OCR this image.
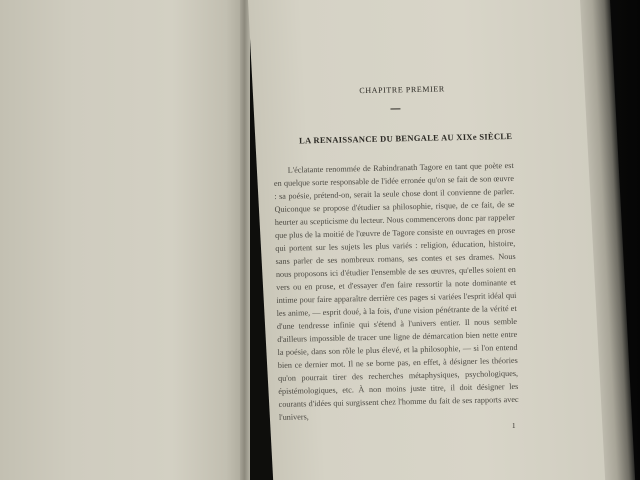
CHAPITRE PREMIER
LA RENAISSANCE DU BENGALE AU XIXe SIÈCLE
L'éclatante renommée de Rabindranath Tagore en tant que poète est en quelque sorte responsable de l'idée erronée qu'on se fait de son œuvre : sa poésie, prétend-on, serait la seule chose dont il convienne de parler. Quiconque se propose d'étudier sa philosophie, risque, de ce fait, de se heurter au scepticisme du lecteur. Nous commencerons donc par rappeler que plus de la moitié de l'œuvre de Tagore consiste en ouvrages en prose qui portent sur les sujets les plus variés : religion, éducation, histoire, sans parler de ses nombreux romans, ses contes et ses drames. Nous nous proposons ici d'étudier l'ensemble de ses œuvres, qu'elles soient en vers ou en prose, et d'essayer d'en faire ressortir la note dominante et intime pour faire apparaître derrière ces pages si variées l'esprit idéal qui les anime, — esprit doué, à la fois, d'une vision pénétrante de la vérité et d'une tendresse infinie qui s'étend à l'univers entier. Il nous semble d'ailleurs impossible de tracer une ligne de démarcation bien nette entre la poésie, dans son rôle le plus élevé, et la philosophie, — si l'on entend bien ce dernier mot. Il ne se borne pas, en effet, à désigner les théories qu'on pourrait tirer des recherches métaphysiques, psychologiques, épistémologiques, etc. À non moins juste titre, il doit désigner les courants d'idées qui surgissent chez l'homme du fait de ses rapports avec l'univers,
1
